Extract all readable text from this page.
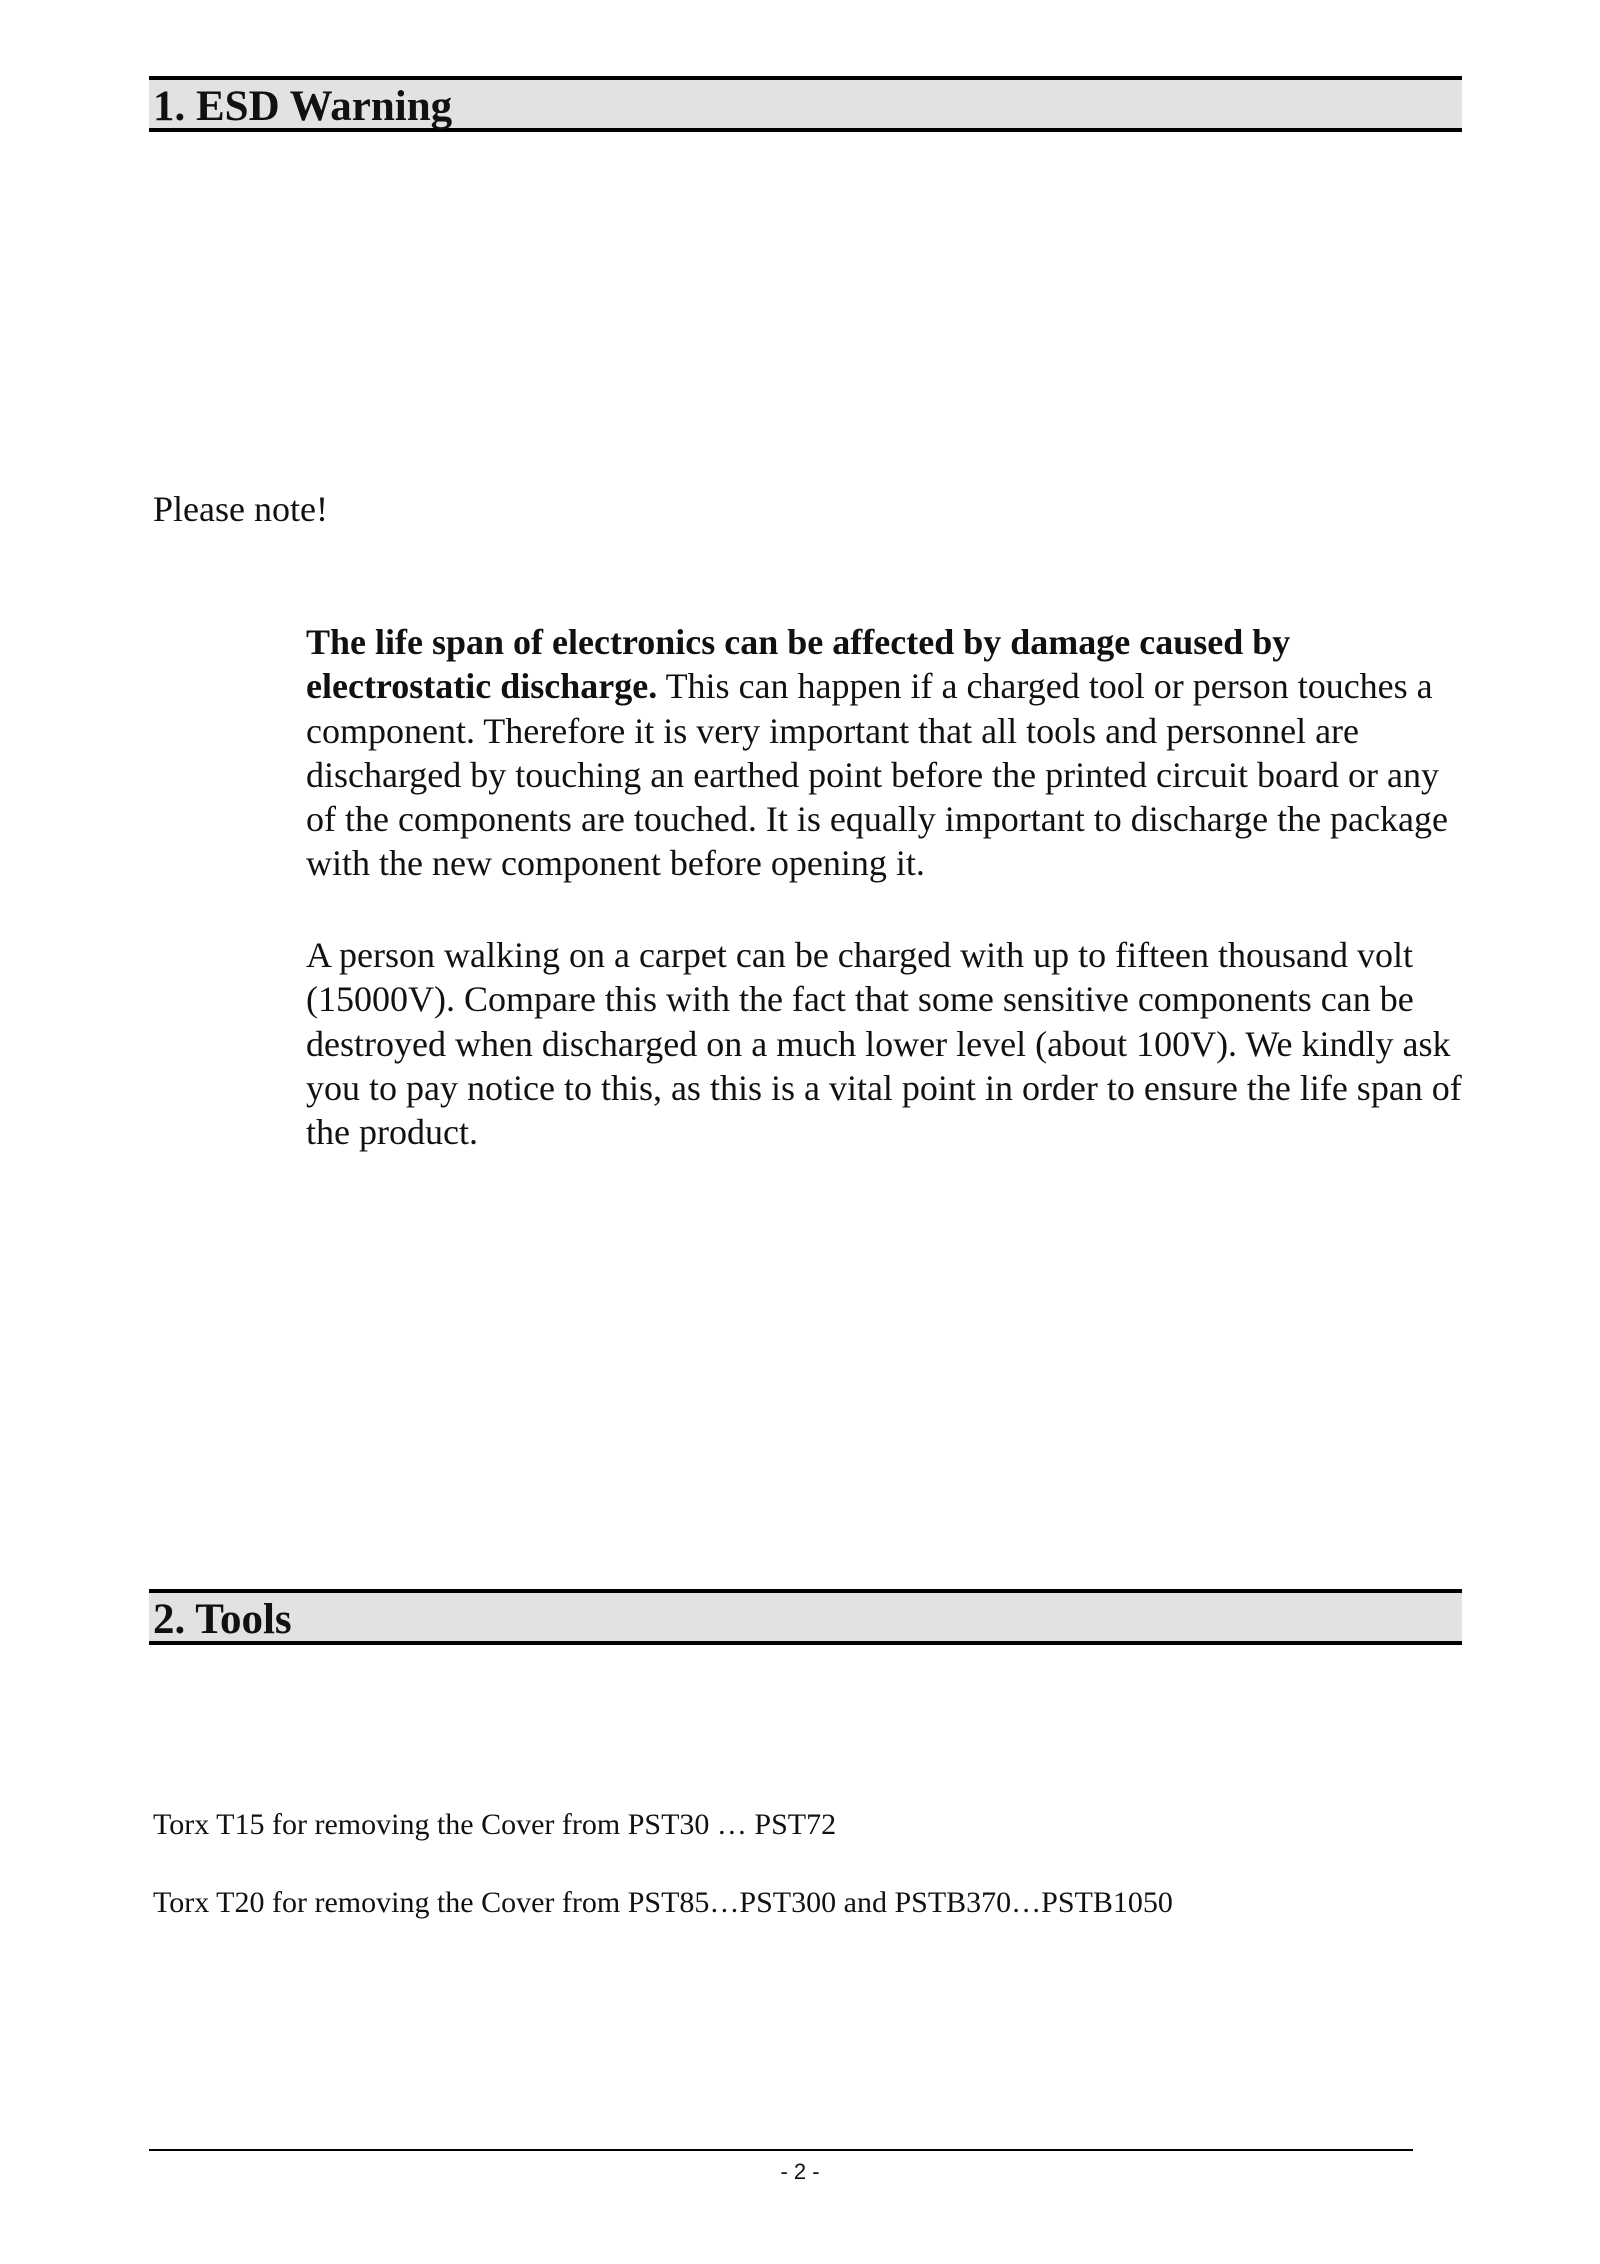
1. ESD Warning
Please note!
The life span of electronics can be affected by damage caused by electrostatic discharge. This can happen if a charged tool or person touches a component. Therefore it is very important that all tools and personnel are discharged by touching an earthed point before the printed circuit board or any of the components are touched. It is equally important to discharge the package with the new component before opening it.
A person walking on a carpet can be charged with up to fifteen thousand volt (15000V). Compare this with the fact that some sensitive components can be destroyed when discharged on a much lower level (about 100V). We kindly ask you to pay notice to this, as this is a vital point in order to ensure the life span of the product.
2. Tools
Torx T15 for removing the Cover from PST30 … PST72
Torx T20 for removing the Cover from PST85…PST300 and PSTB370…PSTB1050
- 2 -
